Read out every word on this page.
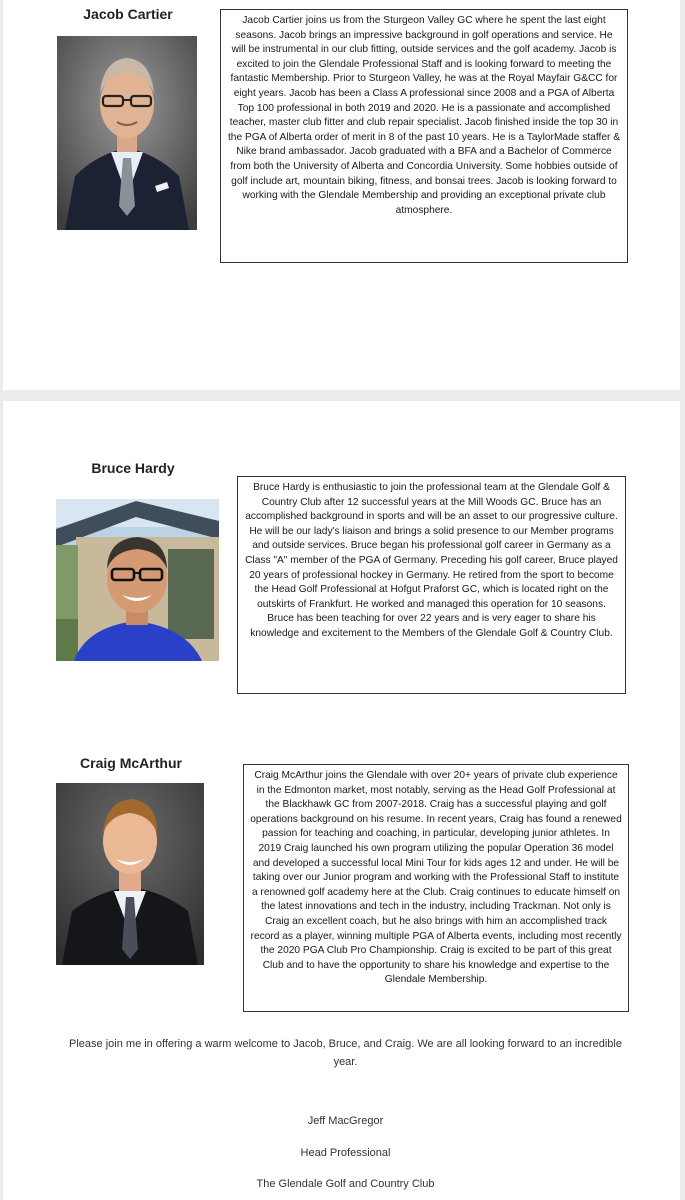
Jacob Cartier	Jacob Cartier joins us from the Sturgeon Valley GC where he spent the last eight seasons. Jacob brings an impressive background in golf operations and service. He will be instrumental in our club fitting, outside services and the golf academy. Jacob is excited to join the Glendale Professional Staff and is looking forward to meeting the fantastic Membership. Prior to Sturgeon Valley, he was at the Royal Mayfair G&CC for eight years. Jacob has been a Class A professional since 2008 and a PGA of Alberta Top 100 professional in both 2019 and 2020. He is a passionate and accomplished teacher, master club fitter and club repair specialist. Jacob finished inside the top 30 in the PGA of Alberta order of merit in 8 of the past 10 years. He is a TaylorMade staffer & Nike brand ambassador. Jacob graduated with a BFA and a Bachelor of Commerce from both the University of Alberta and Concordia University. Some hobbies outside of golf include art, mountain biking, fitness, and bonsai trees. Jacob is looking forward to working with the Glendale Membership and providing an exceptional private club atmosphere.
Bruce Hardy
Bruce Hardy is enthusiastic to join the professional team at the Glendale Golf & Country Club after 12 successful years at the Mill Woods GC. Bruce has an accomplished background in sports and will be an asset to our progressive culture. He will be our lady's liaison and brings a solid presence to our Member programs and outside services. Bruce began his professional golf career in Germany as a Class "A" member of the PGA of Germany. Preceding his golf career, Bruce played 20 years of professional hockey in Germany. He retired from the sport to become the Head Golf Professional at Hofgut Praforst GC, which is located right on the outskirts of Frankfurt. He worked and managed this operation for 10 seasons. Bruce has been teaching for over 22 years and is very eager to share his knowledge and excitement to the Members of the Glendale Golf & Country Club.
Craig McArthur
Craig McArthur joins the Glendale with over 20+ years of private club experience in the Edmonton market, most notably, serving as the Head Golf Professional at the Blackhawk GC from 2007-2018. Craig has a successful playing and golf operations background on his resume. In recent years, Craig has found a renewed passion for teaching and coaching, in particular, developing junior athletes. In 2019 Craig launched his own program utilizing the popular Operation 36 model and developed a successful local Mini Tour for kids ages 12 and under. He will be taking over our Junior program and working with the Professional Staff to institute a renowned golf academy here at the Club. Craig continues to educate himself on the latest innovations and tech in the industry, including Trackman. Not only is Craig an excellent coach, but he also brings with him an accomplished track record as a player, winning multiple PGA of Alberta events, including most recently the 2020 PGA Club Pro Championship. Craig is excited to be part of this great Club and to have the opportunity to share his knowledge and expertise to the Glendale Membership.
Please join me in offering a warm welcome to Jacob, Bruce, and Craig. We are all looking forward to an incredible year.
Jeff MacGregor
Head Professional
The Glendale Golf and Country Club
